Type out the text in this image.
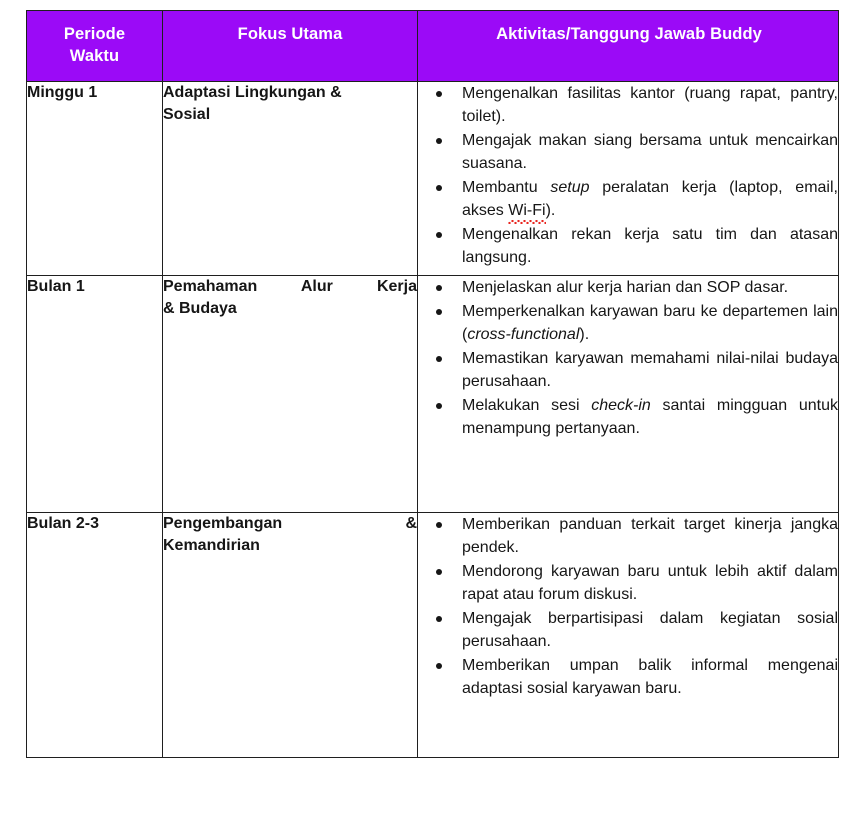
Periode
Waktu	Fokus Utama	Aktivitas/Tanggung Jawab Buddy

Minggu 1	Adaptasi Lingkungan &
Sosial

Mengenalkan fasilitas kantor (ruang rapat, pantry, toilet).
Mengajak makan siang bersama untuk mencairkan suasana.
Membantu setup peralatan kerja (laptop, email, akses Wi-Fi).
Mengenalkan rekan kerja satu tim dan atasan langsung.

Bulan 1	Pemahaman Alur Kerja
& Budaya

Menjelaskan alur kerja harian dan SOP dasar.
Memperkenalkan karyawan baru ke departemen lain (cross-functional).
Memastikan karyawan memahami nilai-nilai budaya perusahaan.
Melakukan sesi check-in santai mingguan untuk menampung pertanyaan.

Bulan 2-3	Pengembangan &
Kemandirian

Memberikan panduan terkait target kinerja jangka pendek.
Mendorong karyawan baru untuk lebih aktif dalam rapat atau forum diskusi.
Mengajak berpartisipasi dalam kegiatan sosial perusahaan.
Memberikan umpan balik informal mengenai adaptasi sosial karyawan baru.
